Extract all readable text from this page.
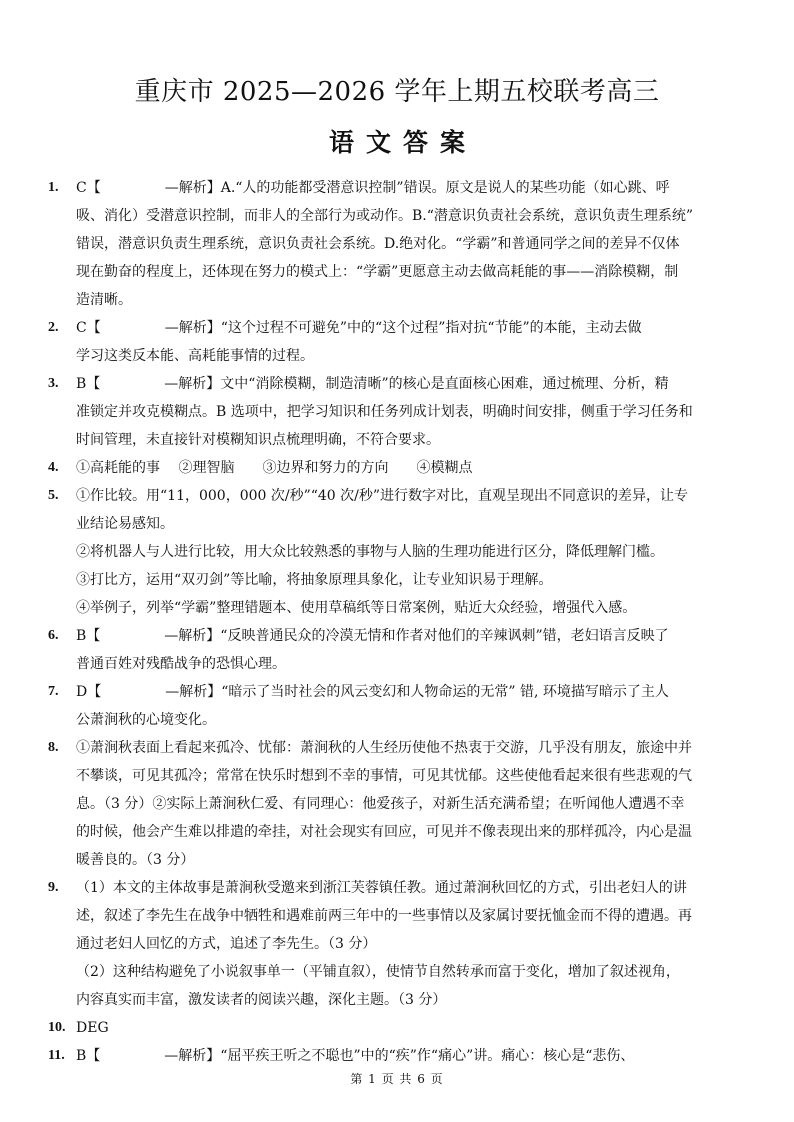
重庆市 2025—2026 学年上期五校联考高三
语文答案
1.	C【	—解析】A.“人的功能都受潜意识控制”错误。原文是说人的某些功能（如心跳、呼
吸、消化）受潜意识控制，而非人的全部行为或动作。B.“潜意识负责社会系统，意识负责生理系统”
错误，潜意识负责生理系统，意识负责社会系统。D.绝对化。“学霸”和普通同学之间的差异不仅体
现在勤奋的程度上，还体现在努力的模式上：“学霸”更愿意主动去做高耗能的事——消除模糊，制
造清晰。
2.	C【	—解析】“这个过程不可避免”中的“这个过程”指对抗“节能”的本能，主动去做
学习这类反本能、高耗能事情的过程。
3.	B【	—解析】文中“消除模糊，制造清晰”的核心是直面核心困难，通过梳理、分析，精
准锁定并攻克模糊点。B 选项中，把学习知识和任务列成计划表，明确时间安排，侧重于学习任务和
时间管理，未直接针对模糊知识点梳理明确，不符合要求。
4.	①高耗能的事　 ②理智脑　　③边界和努力的方向　　④模糊点
5.	①作比较。用“11，000，000 次/秒”“40 次/秒”进行数字对比，直观呈现出不同意识的差异，让专
业结论易感知。
②将机器人与人进行比较，用大众比较熟悉的事物与人脑的生理功能进行区分，降低理解门槛。
③打比方，运用“双刃剑”等比喻，将抽象原理具象化，让专业知识易于理解。
④举例子，列举“学霸”整理错题本、使用草稿纸等日常案例，贴近大众经验，增强代入感。
6.	B【	—解析】“反映普通民众的冷漠无情和作者对他们的辛辣讽刺”错，老妇语言反映了
普通百姓对残酷战争的恐惧心理。
7.	D【	—解析】“暗示了当时社会的风云变幻和人物命运的无常” 错, 环境描写暗示了主人
公萧涧秋的心境变化。
8.	①萧涧秋表面上看起来孤冷、忧郁：萧涧秋的人生经历使他不热衷于交游，几乎没有朋友，旅途中并
不攀谈，可见其孤冷；常常在快乐时想到不幸的事情，可见其忧郁。这些使他看起来很有些悲观的气
息。（3 分）②实际上萧涧秋仁爱、有同理心：他爱孩子，对新生活充满希望；在听闻他人遭遇不幸
的时候，他会产生难以排遣的牵挂，对社会现实有回应，可见并不像表现出来的那样孤冷，内心是温
暖善良的。（3 分）
9.	（1）本文的主体故事是萧涧秋受邀来到浙江芙蓉镇任教。通过萧涧秋回忆的方式，引出老妇人的讲
述，叙述了李先生在战争中牺牲和遇难前两三年中的一些事情以及家属讨要抚恤金而不得的遭遇。再
通过老妇人回忆的方式，追述了李先生。（3 分）
（2）这种结构避免了小说叙事单一（平铺直叙），使情节自然转承而富于变化，增加了叙述视角，
内容真实而丰富，激发读者的阅读兴趣，深化主题。（3 分）
10. DEG
11. B【	—解析】“屈平疾王听之不聪也”中的“疾”作“痛心”讲。痛心：核心是“悲伤、
第 1 页 共 6 页
